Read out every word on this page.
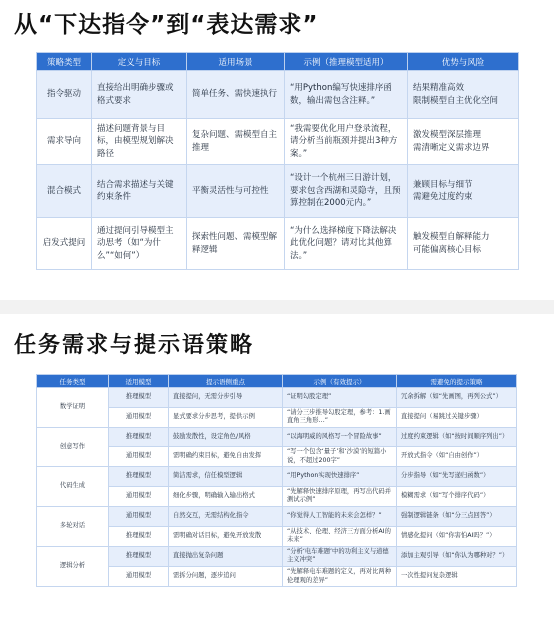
从“下达指令”到“表达需求”
策略类型	定义与目标	适用场景	示例（推理模型适用）	优势与风险
指令驱动	直接给出明确步骤或格式要求	简单任务、需快速执行	“用Python编写快速排序函数，输出需包含注释。”	结果精准高效
限制模型自主优化空间
需求导向	描述问题背景与目标，由模型规划解决路径	复杂问题、需模型自主推理	“我需要优化用户登录流程，请分析当前瓶颈并提出3种方案。”	激发模型深层推理
需清晰定义需求边界
混合模式	结合需求描述与关键约束条件	平衡灵活性与可控性	“设计一个杭州三日游计划，要求包含西湖和灵隐寺，且预算控制在2000元内。”	兼顾目标与细节
需避免过度约束
启发式提问	通过提问引导模型主动思考（如“为什么”“如何”）	探索性问题、需模型解释逻辑	“为什么选择梯度下降法解决此优化问题？请对比其他算法。”	触发模型自解释能力
可能偏离核心目标
任务需求与提示语策略
任务类型	适用模型	提示语侧重点	示例（有效提示）	需避免的提示策略
数学证明	推理模型	直接提问，无需分步引导	“证明勾股定理”	冗余拆解（如“先画图，再列公式”）
	通用模型	显式要求分步思考，提供示例	“请分三步推导勾股定理，参考：1.画直角三角形…”	直接提问（易跳过关键步骤）
创意写作	推理模型	鼓励发散性，设定角色/风格	“以海明威的风格写一个冒险故事”	过度约束逻辑（如“按时间顺序列出”）
	通用模型	需明确约束目标，避免自由发挥	“写一个包含‘量子’和‘沙漠’的短篇小说，不超过200字”	开放式指令（如“自由创作”）
代码生成	推理模型	简洁需求，信任模型逻辑	“用Python实现快速排序”	分步指导（如“先写递归函数”）
	通用模型	细化步骤，明确输入输出格式	“先解释快速排序原理，再写出代码并测试示例”	模糊需求（如“写个排序代码”）
多轮对话	通用模型	自然交互，无需结构化指令	“你觉得人工智能的未来会怎样？”	强制逻辑链条（如“分三点回答”）
	推理模型	需明确对话目标，避免开放发散	“从技术、伦理、经济三方面分析AI的未来”	情感化提问（如“你害怕AI吗？”）
逻辑分析	推理模型	直接抛出复杂问题	“分析‘电车难题’中的功利主义与道德主义冲突”	添加主观引导（如“你认为哪种对？”）
	通用模型	需拆分问题，逐步追问	“先解释电车难题的定义，再对比两种伦理观的差异”	一次性提问复杂逻辑
